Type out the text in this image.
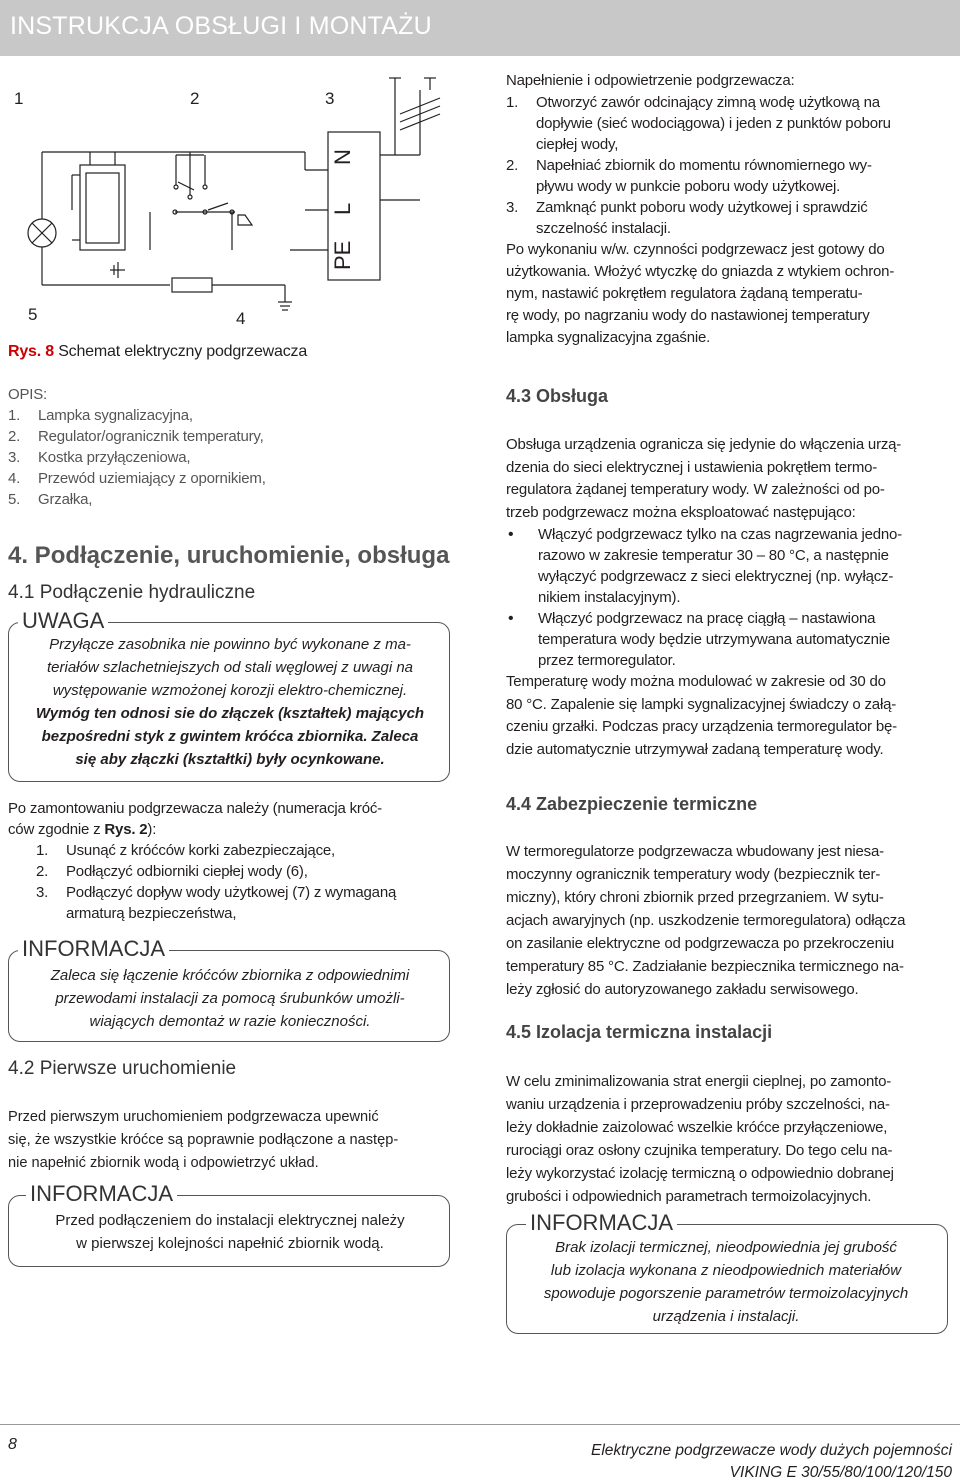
INSTRUKCJA OBSŁUGI I MONTAŻU
1	2	3
4
5
PE
L
N
Rys. 8 Schemat elektryczny podgrzewacza
OPIS:
1. Lampka sygnalizacyjna,
2. Regulator/ogranicznik temperatury,
3. Kostka przyłączeniowa,
4. Przewód uziemiający z opornikiem,
5. Grzałka,
4. Podłączenie, uruchomienie, obsługa
4.1 Podłączenie hydrauliczne
UWAGA
Przyłącze zasobnika nie powinno być wykonane z ma-
teriałów szlachetniejszych od stali węglowej z uwagi na
występowanie wzmożonej korozji elektro-chemicznej.
Wymóg ten odnosi sie do złączek (kształtek) mających
bezpośredni styk z gwintem króćca zbiornika. Zaleca
się aby złączki (kształtki) były ocynkowane.
Po zamontowaniu podgrzewacza należy (numeracja króć-
ców zgodnie z Rys. 2):
1. Usunąć z króćców korki zabezpieczające,
2. Podłączyć odbiorniki ciepłej wody (6),
3. Podłączyć dopływ wody użytkowej (7) z wymaganą
armaturą bezpieczeństwa,
INFORMACJA
Zaleca się łączenie króćców zbiornika z odpowiednimi
przewodami instalacji za pomocą śrubunków umożli-
wiających demontaż w razie konieczności.
4.2 Pierwsze uruchomienie
Przed pierwszym uruchomieniem podgrzewacza upewnić
się, że wszystkie króćce są poprawnie podłączone a następ-
nie napełnić zbiornik wodą i odpowietrzyć układ.
INFORMACJA
Przed podłączeniem do instalacji elektrycznej należy
w pierwszej kolejności napełnić zbiornik wodą.
Napełnienie i odpowietrzenie podgrzewacza:
1. Otworzyć zawór odcinający zimną wodę użytkową na
dopływie (sieć wodociągowa) i jeden z punktów poboru
ciepłej wody,
2. Napełniać zbiornik do momentu równomiernego wy-
pływu wody w punkcie poboru wody użytkowej.
3. Zamknąć punkt poboru wody użytkowej i sprawdzić
szczelność instalacji.
Po wykonaniu w/w. czynności podgrzewacz jest gotowy do
użytkowania. Włożyć wtyczkę do gniazda z wtykiem ochron-
nym, nastawić pokrętłem regulatora żądaną temperatu-
rę wody, po nagrzaniu wody do nastawionej temperatury
lampka sygnalizacyjna zgaśnie.
4.3 Obsługa
Obsługa urządzenia ogranicza się jedynie do włączenia urzą-
dzenia do sieci elektrycznej i ustawienia pokrętłem termo-
regulatora żądanej temperatury wody. W zależności od po-
trzeb podgrzewacz można eksploatować następująco:
• Włączyć podgrzewacz tylko na czas nagrzewania jedno-
razowo w zakresie temperatur 30 – 80 °C, a następnie
wyłączyć podgrzewacz z sieci elektrycznej (np. wyłącz-
nikiem instalacyjnym).
• Włączyć podgrzewacz na pracę ciągłą – nastawiona
temperatura wody będzie utrzymywana automatycznie
przez termoregulator.
Temperaturę wody można modulować w zakresie od 30 do
80 °C. Zapalenie się lampki sygnalizacyjnej świadczy o załą-
czeniu grzałki. Podczas pracy urządzenia termoregulator bę-
dzie automatycznie utrzymywał zadaną temperaturę wody.
4.4 Zabezpieczenie termiczne
W termoregulatorze podgrzewacza wbudowany jest niesa-
moczynny ogranicznik temperatury wody (bezpiecznik ter-
miczny), który chroni zbiornik przed przegrzaniem. W sytu-
acjach awaryjnych (np. uszkodzenie termoregulatora) odłącza
on zasilanie elektryczne od podgrzewacza po przekroczeniu
temperatury 85 °C. Zadziałanie bezpiecznika termicznego na-
leży zgłosić do autoryzowanego zakładu serwisowego.
4.5 Izolacja termiczna instalacji
W celu zminimalizowania strat energii cieplnej, po zamonto-
waniu urządzenia i przeprowadzeniu próby szczelności, na-
leży dokładnie zaizolować wszelkie króćce przyłączeniowe,
rurociągi oraz osłony czujnika temperatury. Do tego celu na-
leży wykorzystać izolację termiczną o odpowiednio dobranej
grubości i odpowiednich parametrach termoizolacyjnych.
INFORMACJA
Brak izolacji termicznej, nieodpowiednia jej grubość
lub izolacja wykonana z nieodpowiednich materiałów
spowoduje pogorszenie parametrów termoizolacyjnych
urządzenia i instalacji.
8	Elektryczne podgrzewacze wody dużych pojemności
VIKING E 30/55/80/100/120/150
